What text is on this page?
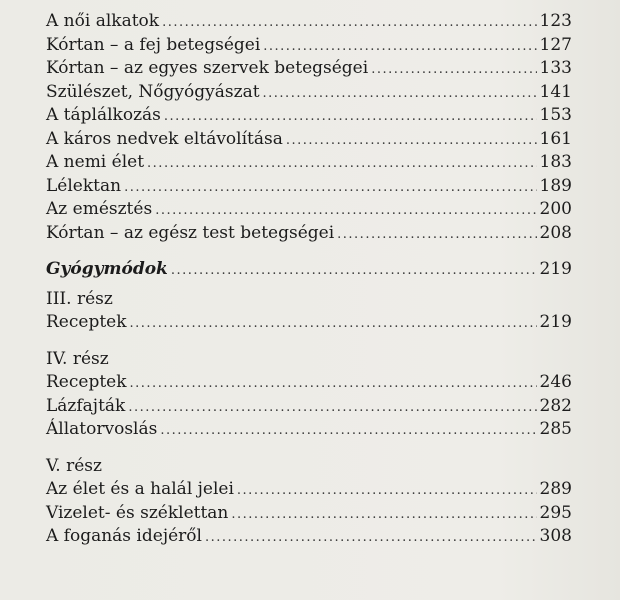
A női alkatok .....	123
Kórtan – a fej betegségei .....	127
Kórtan – az egyes szervek betegségei .....	133
Szülészet, Nőgyógyászat .....	141
A táplálkozás .....	153
A káros nedvek eltávolítása .....	161
A nemi élet .....	183
Lélektan .....	189
Az emésztés .....	200
Kórtan – az egész test betegségei .....	208
Gyógymódok .....	219
III. rész
Receptek .....	219
IV. rész
Receptek .....	246
Lázfajták .....	282
Állatorvoslás .....	285
V. rész
Az élet és a halál jelei .....	289
Vizelet- és széklettan .....	295
A foganás idejéről .....	308
